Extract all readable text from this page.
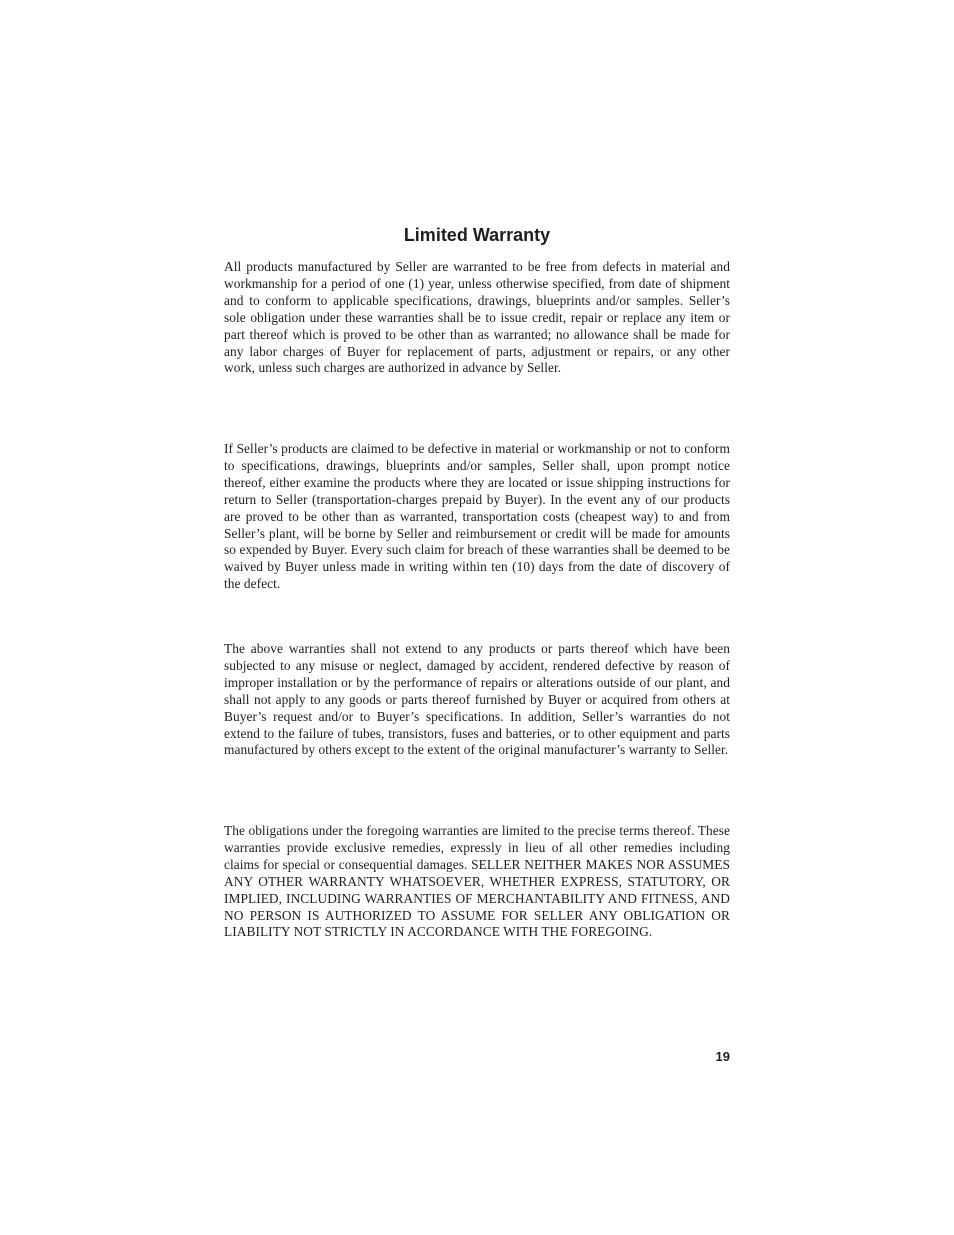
Limited Warranty

All products manufactured by Seller are warranted to be free from defects in material and workmanship for a period of one (1) year, unless otherwise specified, from date of shipment and to conform to applicable specifications, drawings, blueprints and/or samples. Seller’s sole obligation under these warranties shall be to issue credit, repair or replace any item or part thereof which is proved to be other than as warranted; no allowance shall be made for any labor charges of Buyer for replacement of parts, adjustment or repairs, or any other work, unless such charges are authorized in advance by Seller.

If Seller’s products are claimed to be defective in material or workmanship or not to conform to specifications, drawings, blueprints and/or samples, Seller shall, upon prompt notice thereof, either examine the products where they are located or issue shipping instructions for return to Seller (transportation-charges prepaid by Buyer). In the event any of our products are proved to be other than as warranted, transportation costs (cheapest way) to and from Seller’s plant, will be borne by Seller and reimbursement or credit will be made for amounts so expended by Buyer. Every such claim for breach of these warranties shall be deemed to be waived by Buyer unless made in writing within ten (10) days from the date of discovery of the defect.

The above warranties shall not extend to any products or parts thereof which have been subjected to any misuse or neglect, damaged by accident, rendered defective by reason of improper installation or by the performance of repairs or alterations outside of our plant, and shall not apply to any goods or parts thereof furnished by Buyer or acquired from others at Buyer’s request and/or to Buyer’s specifications. In addition, Seller’s warranties do not extend to the failure of tubes, transistors, fuses and batteries, or to other equipment and parts manufactured by others except to the extent of the original manufacturer’s warranty to Seller.

The obligations under the foregoing warranties are limited to the precise terms thereof. These warranties provide exclusive remedies, expressly in lieu of all other remedies including claims for special or consequential damages. SELLER NEITHER MAKES NOR ASSUMES ANY OTHER WARRANTY WHATSOEVER, WHETHER EXPRESS, STATUTORY, OR IMPLIED, INCLUDING WARRANTIES OF MERCHANTABILITY AND FITNESS, AND NO PERSON IS AUTHORIZED TO ASSUME FOR SELLER ANY OBLIGATION OR LIABILITY NOT STRICTLY IN ACCORDANCE WITH THE FOREGOING.

19
